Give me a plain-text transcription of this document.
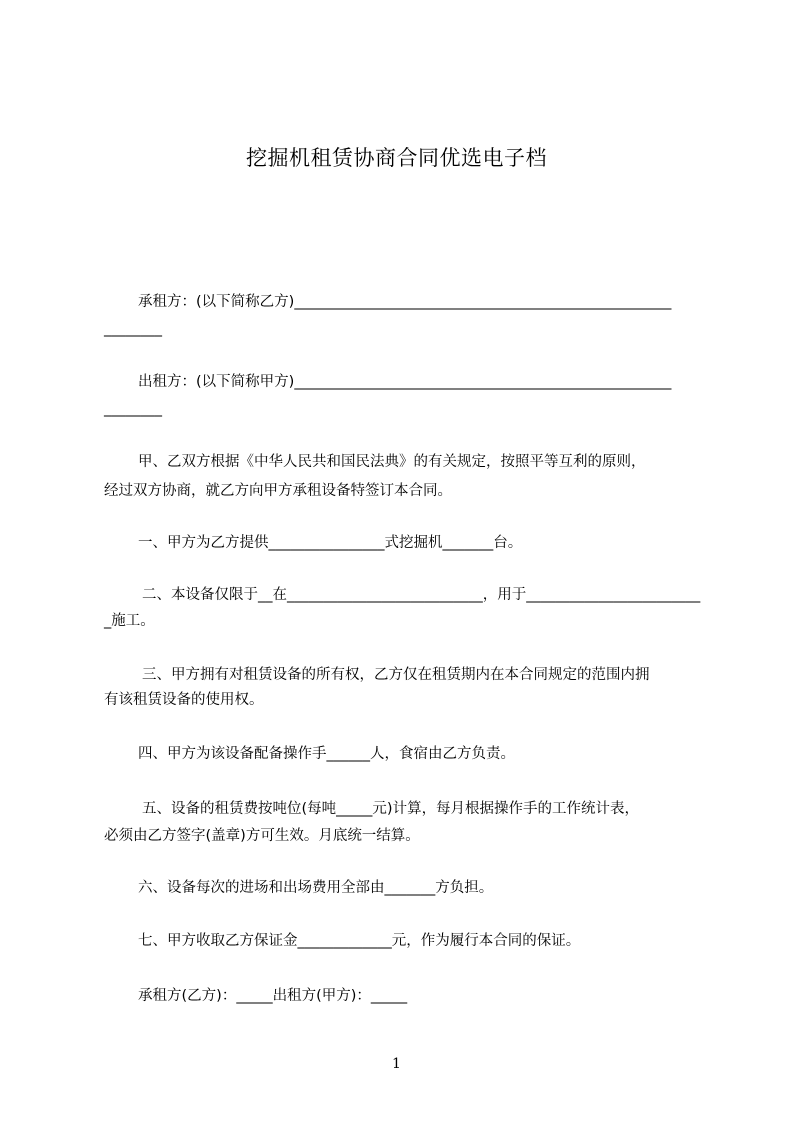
挖掘机租赁协商合同优选电子档
承租方：(以下简称乙方)____________________________________________________
________
出租方：(以下简称甲方)____________________________________________________
________
甲、乙双方根据《中华人民共和国民法典》的有关规定，按照平等互利的原则，
经过双方协商，就乙方向甲方承租设备特签订本合同。
一、甲方为乙方提供________________式挖掘机_______台。
二、本设备仅限于__在___________________________，用于________________________
_施工。
三、甲方拥有对租赁设备的所有权，乙方仅在租赁期内在本合同规定的范围内拥
有该租赁设备的使用权。
四、甲方为该设备配备操作手______人，食宿由乙方负责。
五、设备的租赁费按吨位(每吨_____元)计算，每月根据操作手的工作统计表，
必须由乙方签字(盖章)方可生效。月底统一结算。
六、设备每次的进场和出场费用全部由_______方负担。
七、甲方收取乙方保证金_____________元，作为履行本合同的保证。
承租方(乙方)：_____出租方(甲方)：_____
1
